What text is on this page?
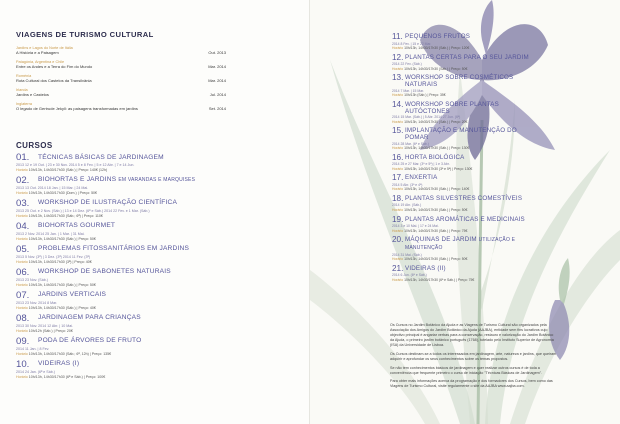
VIAGENS DE TURISMO CULTURAL
Jardins e Lagos do Norte de Itália
A História e a Paisagem	Out. 2013
Patagónia, Argentina e Chile
Entre os Andes e a Terra do Fim do Mundo	Mar. 2014
Roménia
Rota Cultural dos Castelos da Transilvânia	Mar. 2014
Irlanda
Jardins e Castelos	Jul. 2014
Inglaterra
O legado de Gertrude Jekyll: as paisagens transformadas em jardins	Set. 2014
CURSOS
01.	TÉCNICAS BÁSICAS DE JARDINAGEM
2013 12 e 19 Out. | 23 e 30 Nov. 2014 5 e 8 Fev. | 5 e 12 Abr. | 7 e 14 Jun.
Horário 10h/13h, 14h30/17h30 (Sáb.) | Preço: 140€ (12h)
02.	BIOHORTAS E JARDINS EM VARANDAS E MARQUISES
2013 13 Out. 2014 18 Jan. | 15 Mar. | 24 Mai.
Horário 10h/13h, 14h30/17h30 (Dom.) | Preço: 50€
03.	WORKSHOP DE ILUSTRAÇÃO CIENTÍFICA
2013 25 Out. e 2 Nov. (Sáb.) | 13 e 14 Dez. (6ª e Sáb.) 2014 22 Fev. e 1 Mar. (Sáb.)
Horário 10h/13h, 14h30/17h30 (Sáb.; 6ª) | Preço: 110€
04.	BIOHORTAS GOURMET
2013 2 Nov. 2014 25 Jan. | 1 Mar. | 31 Mai.
Horário 10h/13h, 14h30/17h30 (Sáb.) | Preço: 50€
05.	PROBLEMAS FITOSSANITÁRIOS EM JARDINS
2013 5 Nov. (3ª) | 3 Dez. (3ª) 2014 11 Fev. (3ª)
Horário 10h/13h, 14h30/17h30 (3ª) | Preço: 40€
06.	WORKSHOP DE SABONETES NATURAIS
2013 23 Nov. (Sáb.)
Horário 10h/13h, 14h30/17h30 (Sáb.) | Preço: 50€
07.	JARDINS VERTICAIS
2013 23 Nov. 2014 8 Mar.
Horário 10h/13h, 14h30/17h30 (Sáb.) | Preço: 40€
08.	JARDINAGEM PARA CRIANÇAS
2013 30 Nov. 2014 12 Abr. | 10 Mai.
Horário 10h/12h (Sáb.) | Preço: 20€
09.	PODA DE ÁRVORES DE FRUTO
2014 11 Jan. | 8 Fev.
Horário 10h/13h, 14h30/17h30 (Sáb.; 6ª, 12h) | Preço: 135€
10.	VIDEIRAS (I)
2014 24 Jan. (6ª e Sáb.)
Horário 10h/13h, 14h30/17h30 (6ª e Sáb.) | Preço: 100€
11. PEQUENOS FRUTOS
2014 8 Fev. | 15 e 22 Mar.
Horário 10h/13h, 14h30/17h30 (Sáb.) | Preço: 120€
12. PLANTAS CERTAS PARA O SEU JARDIM
2014 22 Fev. (Sáb.)
Horário 10h/13h, 14h30/17h30 (Sáb.) | Preço: 50€
13. WORKSHOP SOBRE COSMÉTICOS NATURAIS
2014 7 Mar. | 15 Mar.
Horário 10h/13h (Sáb.) | Preço: 35€
14. WORKSHOP SOBRE PLANTAS AUTÓCTONES
2014 15 Mar. (Sáb.) | 5 Abr. 2014 27 Jun. (6ª)
Horário 10h/13h, 14h30/17h30 (Sáb.) | Preço: 20€
15. IMPLANTAÇÃO E MANUTENÇÃO DO POMAR
2014 28 Mar. (6ª e Sáb.)
Horário 10h/13h, 14h30/17h30 (Sáb.) | Preço: 130€
16. HORTA BIOLÓGICA
2014 25 e 27 Mar. (3ª e 5ª) | 1 e 3 Abr.
Horário 10h/13h, 14h30/17h30 (3ª e 5ª) | Preço: 130€
17. ENXERTIA
2014 5 Abr. (3ª e 4ª)
Horário 10h/13h, 14h30/17h30 (Sáb.) | Preço: 140€
18. PLANTAS SILVESTRES COMESTÍVEIS
2014 19 Abr. (Sáb.)
Horário 10h/13h, 14h30/17h30 (Sáb.) | Preço: 50€
19. PLANTAS AROMÁTICAS E MEDICINAIS
2014 3 e 10 Mai. | 17 e 24 Mai.
Horário 10h/13h, 14h30/17h30 (Sáb.) | Preço: 75€
20. MÁQUINAS DE JARDIM UTILIZAÇÃO E MANUTENÇÃO
2014 31 Mai. (Sáb.)
Horário 10h/13h, 14h30/17h30 (Sáb.) | Preço: 50€
21. VIDEIRAS (II)
2014 6 Jun. (6ª e Sáb.)
Horário 10h/13h, 14h30/17h30 (6ª e Sáb.) | Preço: 75€

Os Cursos no Jardim Botânico da Ajuda e as Viagens de Turismo Cultural são organizados pela Associação dos Amigos do Jardim Botânico da Ajuda (AAJBA), entidade sem fins lucrativos cujo objectivo principal é angariar verbas para a conservação, restauro e valorização do Jardim Botânico da Ajuda, o primeiro jardim botânico português (1768), tutelado pelo Instituto Superior de Agronomia (ISA) da Universidade de Lisboa.

Os Cursos destinam-se a todos os interessados em jardinagem, arte, natureza e jardins, que queiram adquirir e aprofundar os seus conhecimentos sobre os temas propostos.

Se não tem conhecimentos básicos de jardinagem e quer realizar outros cursos é de toda a conveniência que frequente primeiro o curso de iniciação "Técnicas Básicas de Jardinagem".

Para obter mais informações acerca da programação e dos formadores dos Cursos, bem como das Viagens de Turismo Cultural, visite regularmente o site da AAJBA www.aajba.com.
